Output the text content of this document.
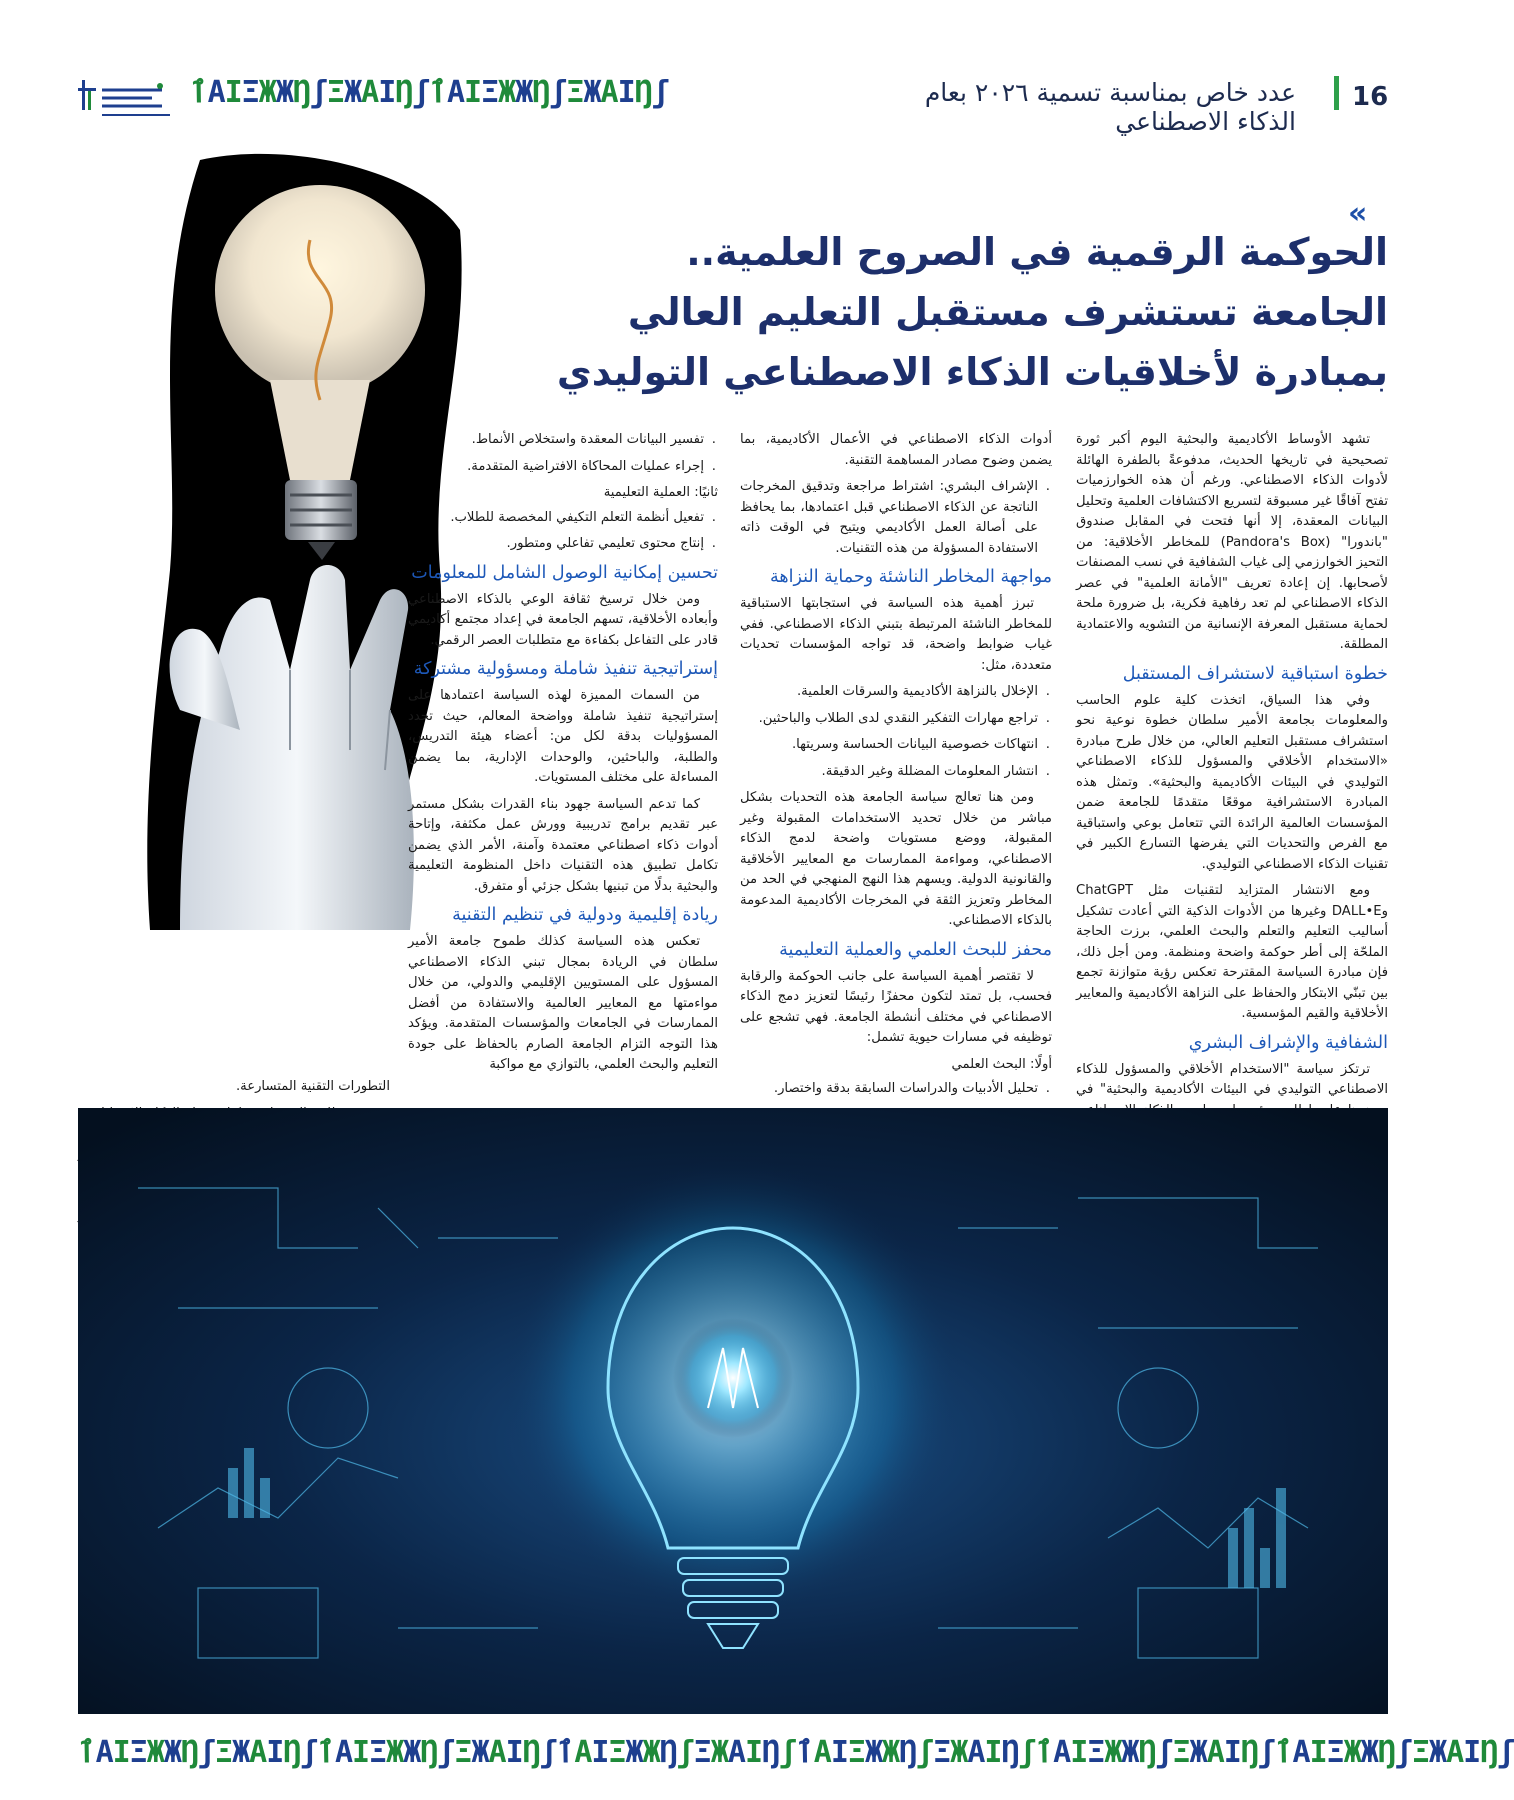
16
عدد خاص بمناسبة تسمية ٢٠٢٦ بعام الذكاء الاصطناعي
ٱ A I Ξ Ж Ж Ŋ ʃ Ξ Ж A I Ŋ ʃ ٱ A I Ξ Ж Ж Ŋ ʃ Ξ Ж A I Ŋ ʃ
«
الحوكمة الرقمية في الصروح العلمية..
الجامعة تستشرف مستقبل التعليم العالي
بمبادرة لأخلاقيات الذكاء الاصطناعي التوليدي

تشهد الأوساط الأكاديمية والبحثية اليوم أكبر ثورة تصحيحية في تاريخها الحديث، مدفوعةً بالطفرة الهائلة لأدوات الذكاء الاصطناعي. ورغم أن هذه الخوارزميات تفتح آفاقًا غير مسبوقة لتسريع الاكتشافات العلمية وتحليل البيانات المعقدة، إلا أنها فتحت في المقابل صندوق "باندورا" (Pandora's Box) للمخاطر الأخلاقية: من التحيز الخوارزمي إلى غياب الشفافية في نسب المصنفات لأصحابها. إن إعادة تعريف "الأمانة العلمية" في عصر الذكاء الاصطناعي لم تعد رفاهية فكرية، بل ضرورة ملحة لحماية مستقبل المعرفة الإنسانية من التشويه والاعتمادية المطلقة.

خطوة استباقية لاستشراف المستقبل

وفي هذا السياق، اتخذت كلية علوم الحاسب والمعلومات بجامعة الأمير سلطان خطوة نوعية نحو استشراف مستقبل التعليم العالي، من خلال طرح مبادرة «الاستخدام الأخلاقي والمسؤول للذكاء الاصطناعي التوليدي في البيئات الأكاديمية والبحثية». وتمثل هذه المبادرة الاستشرافية موقعًا متقدمًا للجامعة ضمن المؤسسات العالمية الرائدة التي تتعامل بوعي واستباقية مع الفرص والتحديات التي يفرضها التسارع الكبير في تقنيات الذكاء الاصطناعي التوليدي.

ومع الانتشار المتزايد لتقنيات مثل ChatGPT وDALL•E وغيرها من الأدوات الذكية التي أعادت تشكيل أساليب التعليم والتعلم والبحث العلمي، برزت الحاجة الملحّة إلى أطر حوكمة واضحة ومنظمة. ومن أجل ذلك، فإن مبادرة السياسة المقترحة تعكس رؤية متوازنة تجمع بين تبنّي الابتكار والحفاظ على النزاهة الأكاديمية والمعايير الأخلاقية والقيم المؤسسية.

الشفافية والإشراف البشري

ترتكز سياسة "الاستخدام الأخلاقي والمسؤول للذكاء الاصطناعي التوليدي في البيئات الأكاديمية والبحثية" في

.

أدوات الذكاء الاصطناعي في الأعمال الأكاديمية، بما يضمن وضوح مصادر المساهمة التقنية.

. الإشراف البشري: اشتراط مراجعة وتدقيق المخرجات الناتجة عن الذكاء الاصطناعي قبل اعتمادها، بما يحافظ على أصالة العمل الأكاديمي ويتيح في الوقت ذاته الاستفادة المسؤولة من هذه التقنيات.
مواجهة المخاطر الناشئة وحماية النزاهة

تبرز أهمية هذه السياسة في استجابتها الاستباقية للمخاطر الناشئة المرتبطة بتبني الذكاء الاصطناعي. ففي غياب ضوابط واضحة، قد تواجه المؤسسات تحديات متعددة، مثل:

. الإخلال بالنزاهة الأكاديمية والسرقات العلمية.
. تراجع مهارات التفكير النقدي لدى الطلاب والباحثين.
. انتهاكات خصوصية البيانات الحساسة وسريتها.
. انتشار المعلومات المضللة وغير الدقيقة.

ومن هنا تعالج سياسة الجامعة هذه التحديات بشكل مباشر من خلال تحديد الاستخدامات المقبولة وغير المقبولة، ووضع مستويات واضحة لدمج الذكاء الاصطناعي، ومواءمة الممارسات مع المعايير الأخلاقية والقانونية الدولية. ويسهم هذا النهج المنهجي في الحد من المخاطر وتعزيز الثقة في المخرجات الأكاديمية المدعومة بالذكاء الاصطناعي.

محفز للبحث العلمي والعملية التعليمية

لا تقتصر أهمية السياسة على جانب الحوكمة والرقابة فحسب، بل تمتد لتكون محفزًا رئيسًا لتعزيز دمج الذكاء الاصطناعي في مختلف أنشطة الجامعة. فهي تشجع على توظيفه في مسارات حيوية تشمل:

أولًا: البحث العلمي
. تحليل الأدبيات والدراسات السابقة بدقة واختصار.
. تفسير البيانات المعقدة واستخلاص الأنماط.
. إجراء عمليات المحاكاة الافتراضية المتقدمة.
ثانيًا: العملية التعليمية
. تفعيل أنظمة التعلم التكيفي المخصصة للطلاب.
. إنتاج محتوى تعليمي تفاعلي ومتطور.
تحسين إمكانية الوصول الشامل للمعلومات

ومن خلال ترسيخ ثقافة الوعي بالذكاء الاصطناعي وأبعاده الأخلاقية، تسهم الجامعة في إعداد مجتمع أكاديمي قادر على التفاعل بكفاءة مع متطلبات العصر الرقمي.

إستراتيجية تنفيذ شاملة ومسؤولية مشتركة

من السمات المميزة لهذه السياسة اعتمادها على إستراتيجية تنفيذ شاملة وواضحة المعالم، حيث تحدد المسؤوليات بدقة لكل من: أعضاء هيئة التدريس، والطلبة، والباحثين، والوحدات الإدارية، بما يضمن المساءلة على مختلف المستويات.

كما تدعم السياسة جهود بناء القدرات بشكل مستمر عبر تقديم برامج تدريبية وورش عمل مكثفة، وإتاحة أدوات ذكاء اصطناعي معتمدة وآمنة، الأمر الذي يضمن تكامل تطبيق هذه التقنيات داخل المنظومة التعليمية والبحثية بدلًا من تبنيها بشكل جزئي أو متفرق.

ريادة إقليمية ودولية في تنظيم التقنية

تعكس هذه السياسة كذلك طموح جامعة الأمير سلطان في الريادة بمجال تبني الذكاء الاصطناعي المسؤول على المستويين الإقليمي والدولي، من خلال مواءمتها مع المعايير العالمية والاستفادة من أفضل الممارسات في الجامعات والمؤسسات المتقدمة. ويؤكد هذا التوجه التزام الجامعة الصارم بالحفاظ على جودة التعليم والبحث العلمي، بالتوازي مع مواكبة

التطورات التقنية المتسارعة.

ٱ A I Ξ Ж Ж Ŋ ʃ Ξ Ж A I Ŋ ʃ ٱ A I Ξ Ж Ж Ŋ ʃ Ξ Ж A I Ŋ ʃ ٱ A I Ξ Ж Ж Ŋ ʃ Ξ Ж A I Ŋ ʃ ٱ A I Ξ Ж Ж Ŋ ʃ Ξ Ж A I Ŋ ʃ ٱ A I Ξ Ж Ж Ŋ ʃ Ξ Ж A I Ŋ ʃ ٱ A I Ξ Ж Ж Ŋ ʃ Ξ Ж A I Ŋ ʃ
